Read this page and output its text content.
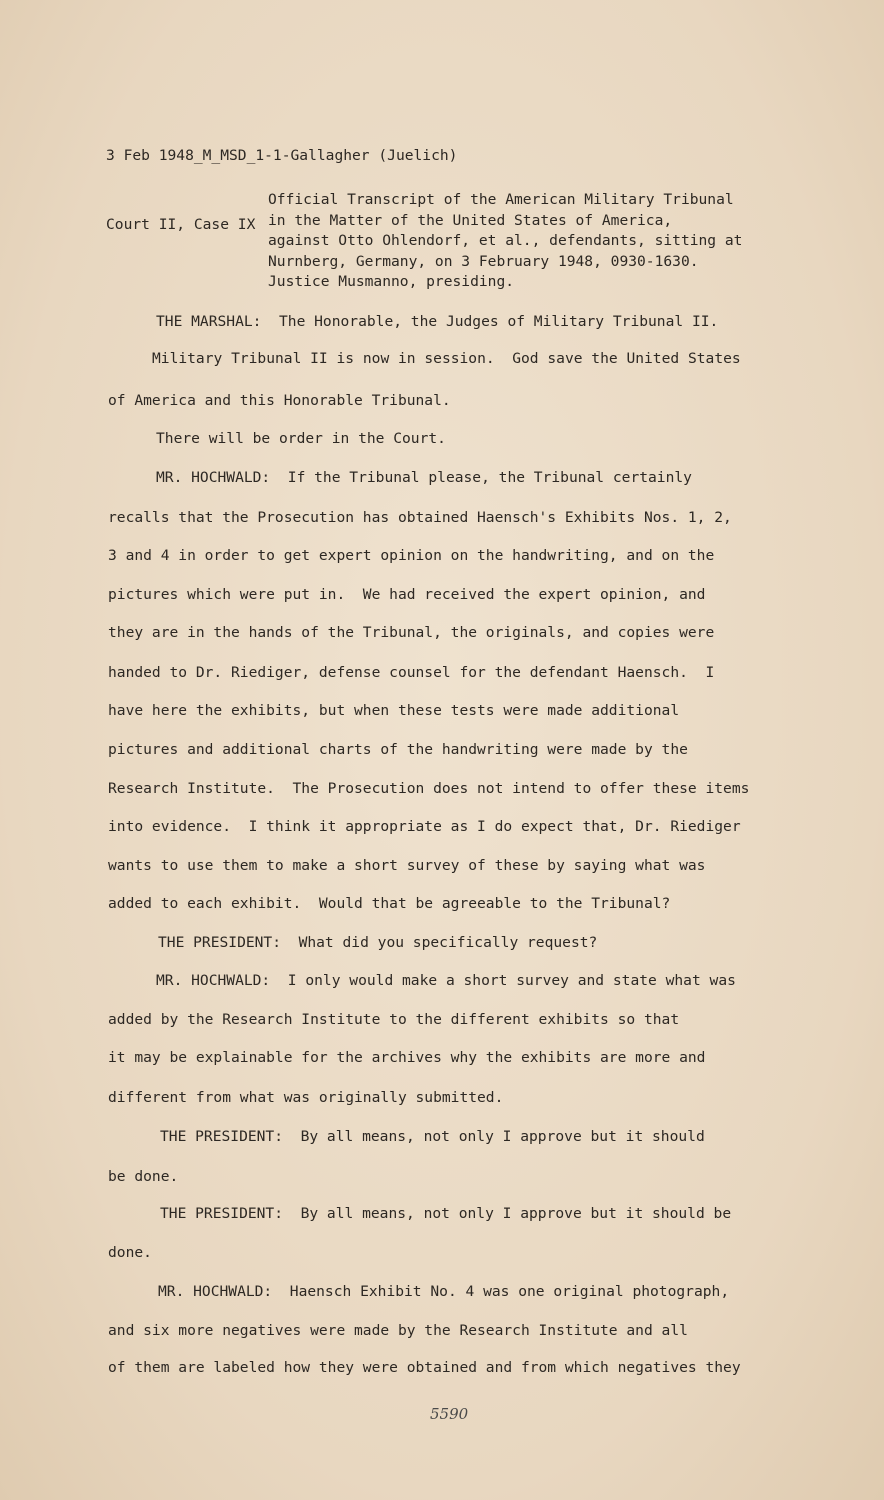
3 Feb 1948_M_MSD_1-1-Gallagher (Juelich)

Court II, Case IX

Official Transcript of the American Military Tribunal
in the Matter of the United States of America,
against Otto Ohlendorf, et al., defendants, sitting at
Nurnberg, Germany, on 3 February 1948, 0930-1630.
Justice Musmanno, presiding.
THE MARSHAL:  The Honorable, the Judges of Military Tribunal II.
Military Tribunal II is now in session.  God save the United States
of America and this Honorable Tribunal.
There will be order in the Court.
MR. HOCHWALD:  If the Tribunal please, the Tribunal certainly
recalls that the Prosecution has obtained Haensch's Exhibits Nos. 1, 2,
3 and 4 in order to get expert opinion on the handwriting, and on the
pictures which were put in.  We had received the expert opinion, and
they are in the hands of the Tribunal, the originals, and copies were
handed to Dr. Riediger, defense counsel for the defendant Haensch.  I
have here the exhibits, but when these tests were made additional
pictures and additional charts of the handwriting were made by the
Research Institute.  The Prosecution does not intend to offer these items
into evidence.  I think it appropriate as I do expect that, Dr. Riediger
wants to use them to make a short survey of these by saying what was
added to each exhibit.  Would that be agreeable to the Tribunal?
THE PRESIDENT:  What did you specifically request?
MR. HOCHWALD:  I only would make a short survey and state what was
added by the Research Institute to the different exhibits so that
it may be explainable for the archives why the exhibits are more and
different from what was originally submitted.
THE PRESIDENT:  By all means, not only I approve but it should
be done.
THE PRESIDENT:  By all means, not only I approve but it should be
done.
MR. HOCHWALD:  Haensch Exhibit No. 4 was one original photograph,
and six more negatives were made by the Research Institute and all
of them are labeled how they were obtained and from which negatives they
5590
